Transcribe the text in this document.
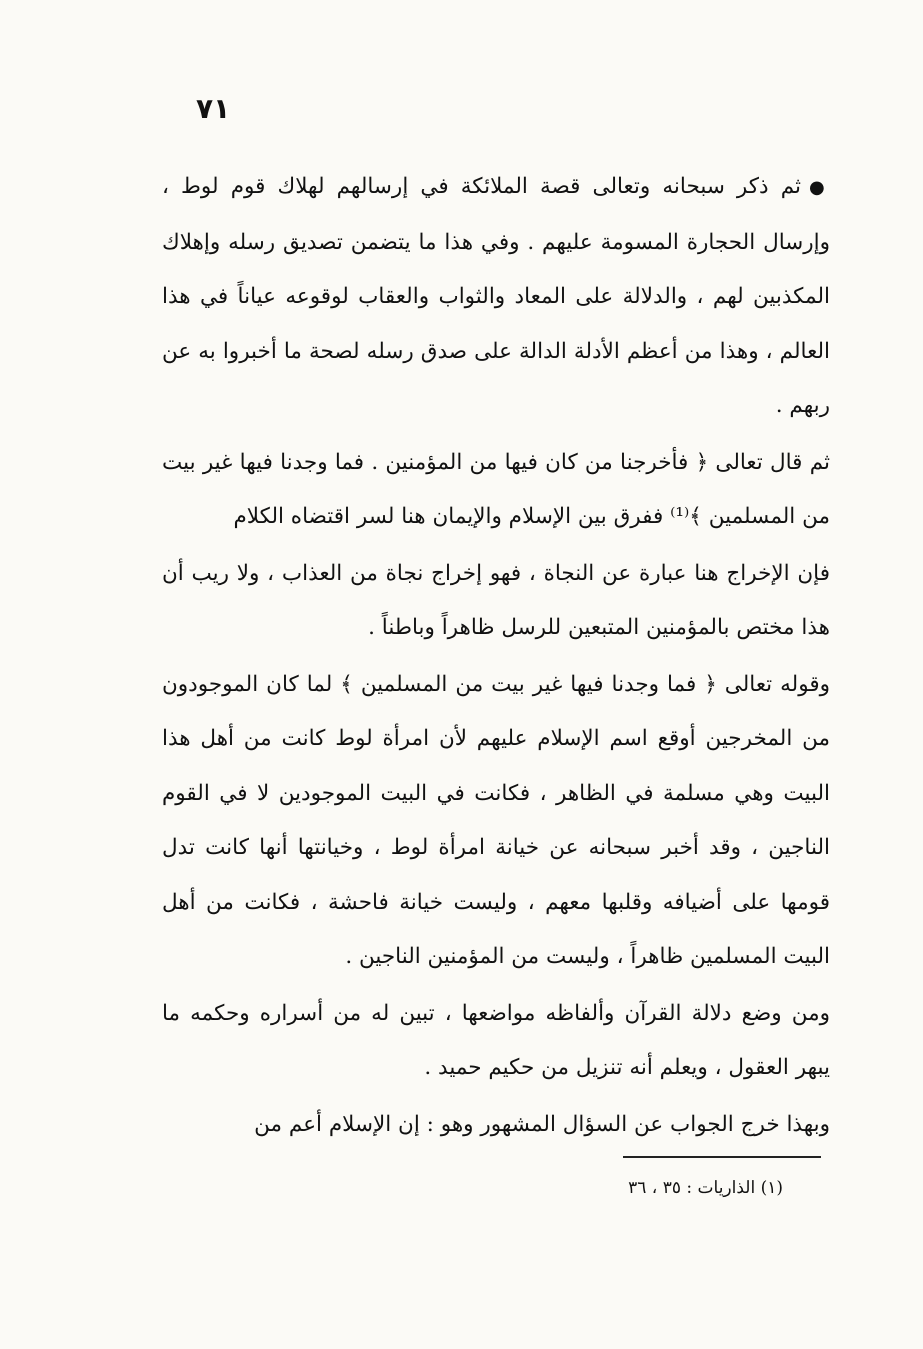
٧١

●ثم ذكر سبحانه وتعالى قصة الملائكة في إرسالهم لهلاك قوم لوط ، وإرسال الحجارة المسومة عليهم . وفي هذا ما يتضمن تصديق رسله وإهلاك المكذبين لهم ، والدلالة على المعاد والثواب والعقاب لوقوعه عياناً في هذا العالم ، وهذا من أعظم الأدلة الدالة على صدق رسله لصحة ما أخبروا به عن ربهم .

ثم قال تعالى ﴿ فأخرجنا من كان فيها من المؤمنين . فما وجدنا فيها غير بيت من المسلمين ﴾⁽¹⁾ ففرق بين الإسلام والإيمان هنا لسر اقتضاه الكلام

فإن الإخراج هنا عبارة عن النجاة ، فهو إخراج نجاة من العذاب ، ولا ريب أن هذا مختص بالمؤمنين المتبعين للرسل ظاهراً وباطناً .

وقوله تعالى ﴿ فما وجدنا فيها غير بيت من المسلمين ﴾ لما كان الموجودون من المخرجين أوقع اسم الإسلام عليهم لأن امرأة لوط كانت من أهل هذا البيت وهي مسلمة في الظاهر ، فكانت في البيت الموجودين لا في القوم الناجين ، وقد أخبر سبحانه عن خيانة امرأة لوط ، وخيانتها أنها كانت تدل قومها على أضيافه وقلبها معهم ، وليست خيانة فاحشة ، فكانت من أهل البيت المسلمين ظاهراً ، وليست من المؤمنين الناجين .

ومن وضع دلالة القرآن وألفاظه مواضعها ، تبين له من أسراره وحكمه ما يبهر العقول ، ويعلم أنه تنزيل من حكيم حميد .

وبهذا خرج الجواب عن السؤال المشهور وهو : إن الإسلام أعم من

(١) الذاريات : ٣٥ ، ٣٦
